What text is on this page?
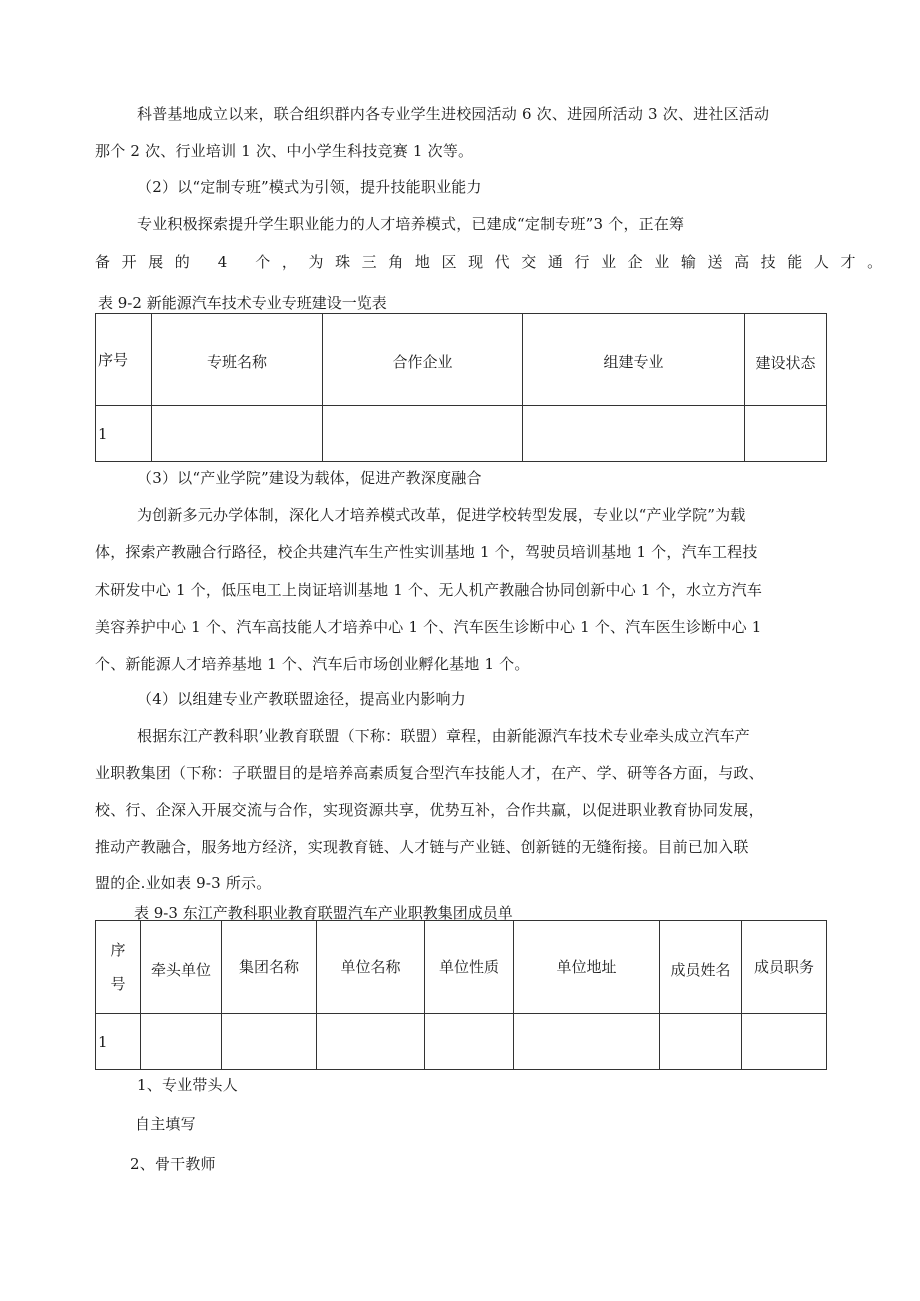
科普基地成立以来，联合组织群内各专业学生进校园活动 6 次、进园所活动 3 次、进社区活动
那个 2 次、行业培训 1 次、中小学生科技竞赛 1 次等。
（2）以“定制专班”模式为引领，提升技能职业能力
专业积极探索提升学生职业能力的人才培养模式，已建成“定制专班”3 个，正在筹
备开展的 4 个，为珠三角地区现代交通行业企业输送高技能人才。
表 9-2 新能源汽车技术专业专班建设一览表
序号	专班名称	合作企业	组建专业	建设状态
1				
（3）以“产业学院”建设为载体，促进产教深度融合
为创新多元办学体制，深化人才培养模式改革，促进学校转型发展，专业以“产业学院”为载
体，探索产教融合行路径，校企共建汽车生产性实训基地 1 个，驾驶员培训基地 1 个，汽车工程技
术研发中心 1 个，低压电工上岗证培训基地 1 个、无人机产教融合协同创新中心 1 个，水立方汽车
美容养护中心 1 个、汽车高技能人才培养中心 1 个、汽车医生诊断中心 1 个、汽车医生诊断中心 1
个、新能源人才培养基地 1 个、汽车后市场创业孵化基地 1 个。
（4）以组建专业产教联盟途径，提高业内影响力
根据东江产教科职’业教育联盟（下称：联盟）章程，由新能源汽车技术专业牵头成立汽车产
业职教集团（下称：子联盟目的是培养高素质复合型汽车技能人才，在产、学、研等各方面，与政、
校、行、企深入开展交流与合作，实现资源共享，优势互补，合作共赢，以促进职业教育协同发展，
推动产教融合，服务地方经济，实现教育链、人才链与产业链、创新链的无缝衔接。目前已加入联
盟的企.业如表 9-3 所示。
表 9-3 东江产教科职业教育联盟汽车产业职教集团成员单
序
号	牵头单位	集团名称	单位名称	单位性质	单位地址	成员姓名	成员职务
1							
1、专业带头人
自主填写
2、骨干教师
